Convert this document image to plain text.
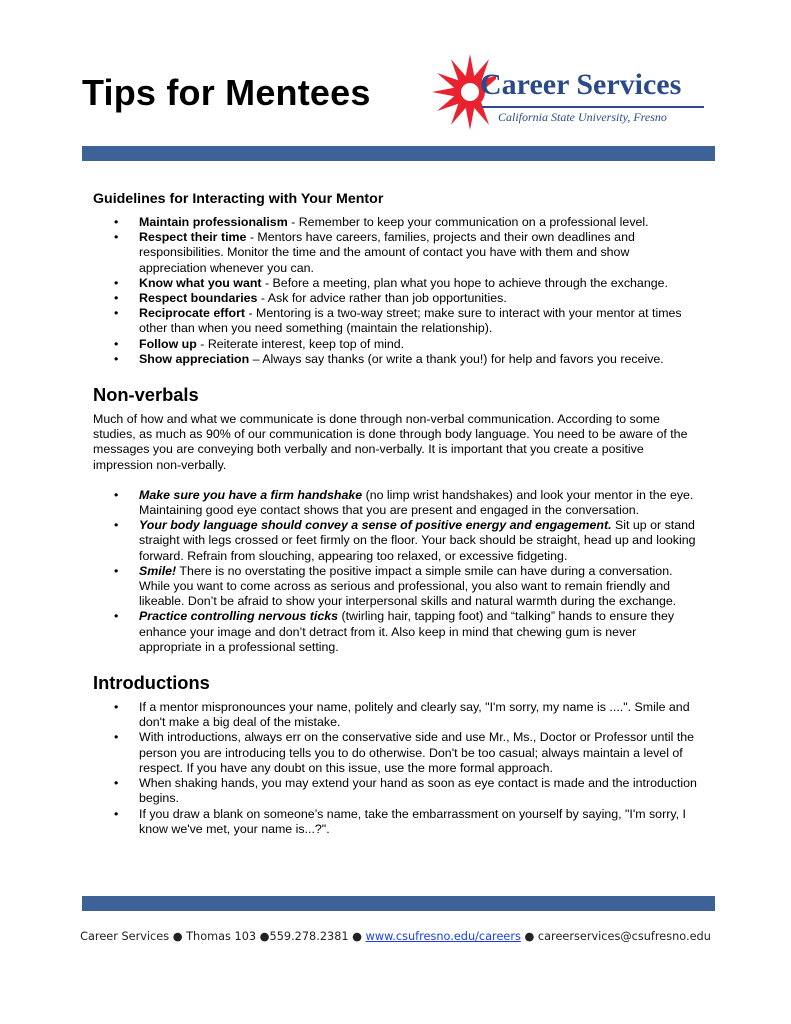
Tips for Mentees	Career Services
California State University, Fresno
Guidelines for Interacting with Your Mentor
• Maintain professionalism - Remember to keep your communication on a professional level.
• Respect their time - Mentors have careers, families, projects and their own deadlines and responsibilities. Monitor the time and the amount of contact you have with them and show appreciation whenever you can.
• Know what you want - Before a meeting, plan what you hope to achieve through the exchange.
• Respect boundaries - Ask for advice rather than job opportunities.
• Reciprocate effort - Mentoring is a two-way street; make sure to interact with your mentor at times other than when you need something (maintain the relationship).
• Follow up - Reiterate interest, keep top of mind.
• Show appreciation – Always say thanks (or write a thank you!) for help and favors you receive.
Non-verbals

Much of how and what we communicate is done through non-verbal communication. According to some studies, as much as 90% of our communication is done through body language. You need to be aware of the messages you are conveying both verbally and non-verbally. It is important that you create a positive impression non-verbally.

• Make sure you have a firm handshake (no limp wrist handshakes) and look your mentor in the eye. Maintaining good eye contact shows that you are present and engaged in the conversation.
• Your body language should convey a sense of positive energy and engagement. Sit up or stand straight with legs crossed or feet firmly on the floor. Your back should be straight, head up and looking forward. Refrain from slouching, appearing too relaxed, or excessive fidgeting.
• Smile! There is no overstating the positive impact a simple smile can have during a conversation. While you want to come across as serious and professional, you also want to remain friendly and likeable. Don’t be afraid to show your interpersonal skills and natural warmth during the exchange.
• Practice controlling nervous ticks (twirling hair, tapping foot) and “talking” hands to ensure they enhance your image and don’t detract from it. Also keep in mind that chewing gum is never appropriate in a professional setting.
Introductions
• If a mentor mispronounces your name, politely and clearly say, "I'm sorry, my name is ....". Smile and don't make a big deal of the mistake.
• With introductions, always err on the conservative side and use Mr., Ms., Doctor or Professor until the person you are introducing tells you to do otherwise. Don't be too casual; always maintain a level of respect. If you have any doubt on this issue, use the more formal approach.
• When shaking hands, you may extend your hand as soon as eye contact is made and the introduction begins.
• If you draw a blank on someone’s name, take the embarrassment on yourself by saying, "I'm sorry, I know we've met, your name is...?".
Career Services ● Thomas 103 ●559.278.2381 ● www.csufresno.edu/careers ● careerservices@csufresno.edu
